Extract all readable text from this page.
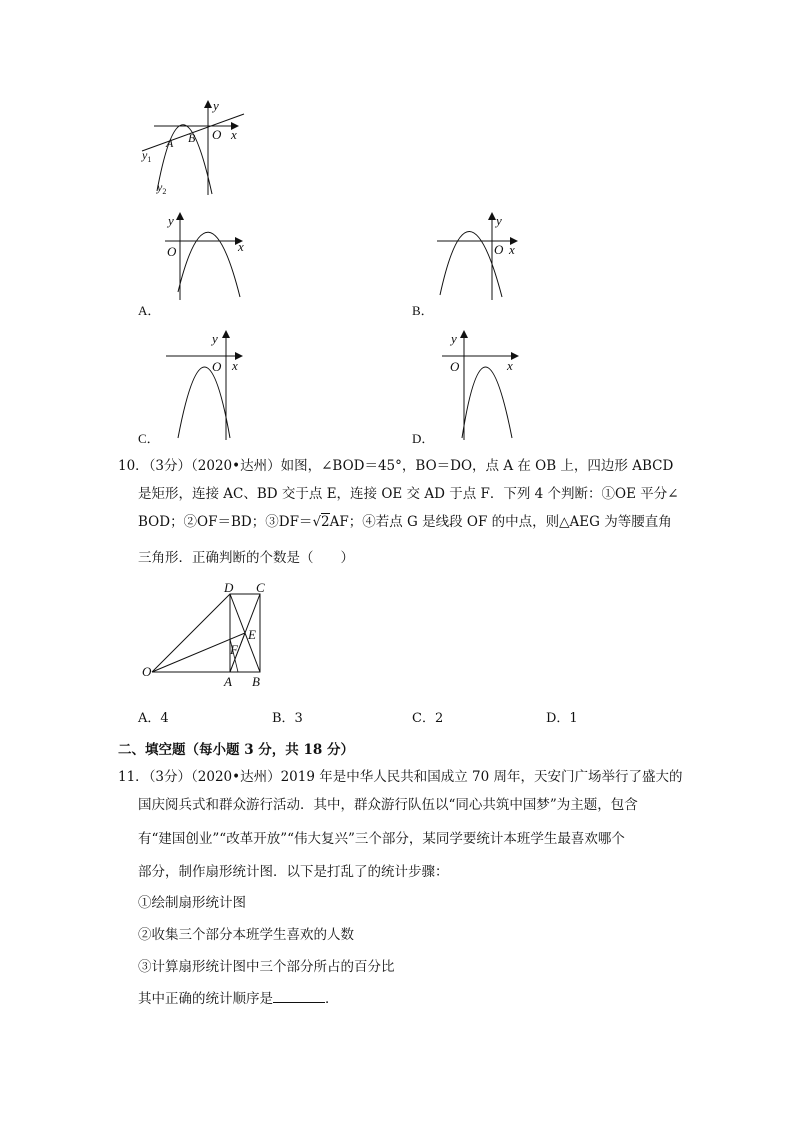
y
x
O
A B
$y_1$
$y_2$
y
x
O
A．
y
x
O
B．
y
x
O
C．
y
x
O
D．
10．（3分）（2020•达州）如图，∠BOD＝45°，BO＝DO，点 A 在 OB 上，四边形 ABCD
是矩形，连接 AC、BD 交于点 E，连接 OE 交 AD 于点 F．下列 4 个判断：①OE 平分∠
BOD；②OF＝BD；③DF＝√2AF；④若点 G 是线段 OF 的中点，则△AEG 为等腰直角
三角形．正确判断的个数是（　　）
D C
E
F
O
A B
A．4	B．3	C．2	D．1
二、填空题（每小题 3 分，共 18 分）
11．（3分）（2020•达州）2019 年是中华人民共和国成立 70 周年，天安门广场举行了盛大的
国庆阅兵式和群众游行活动．其中，群众游行队伍以“同心共筑中国梦”为主题，包含
有“建国创业”“改革开放”“伟大复兴”三个部分，某同学要统计本班学生最喜欢哪个
部分，制作扇形统计图．以下是打乱了的统计步骤：
①绘制扇形统计图
②收集三个部分本班学生喜欢的人数
③计算扇形统计图中三个部分所占的百分比
其中正确的统计顺序是	．
